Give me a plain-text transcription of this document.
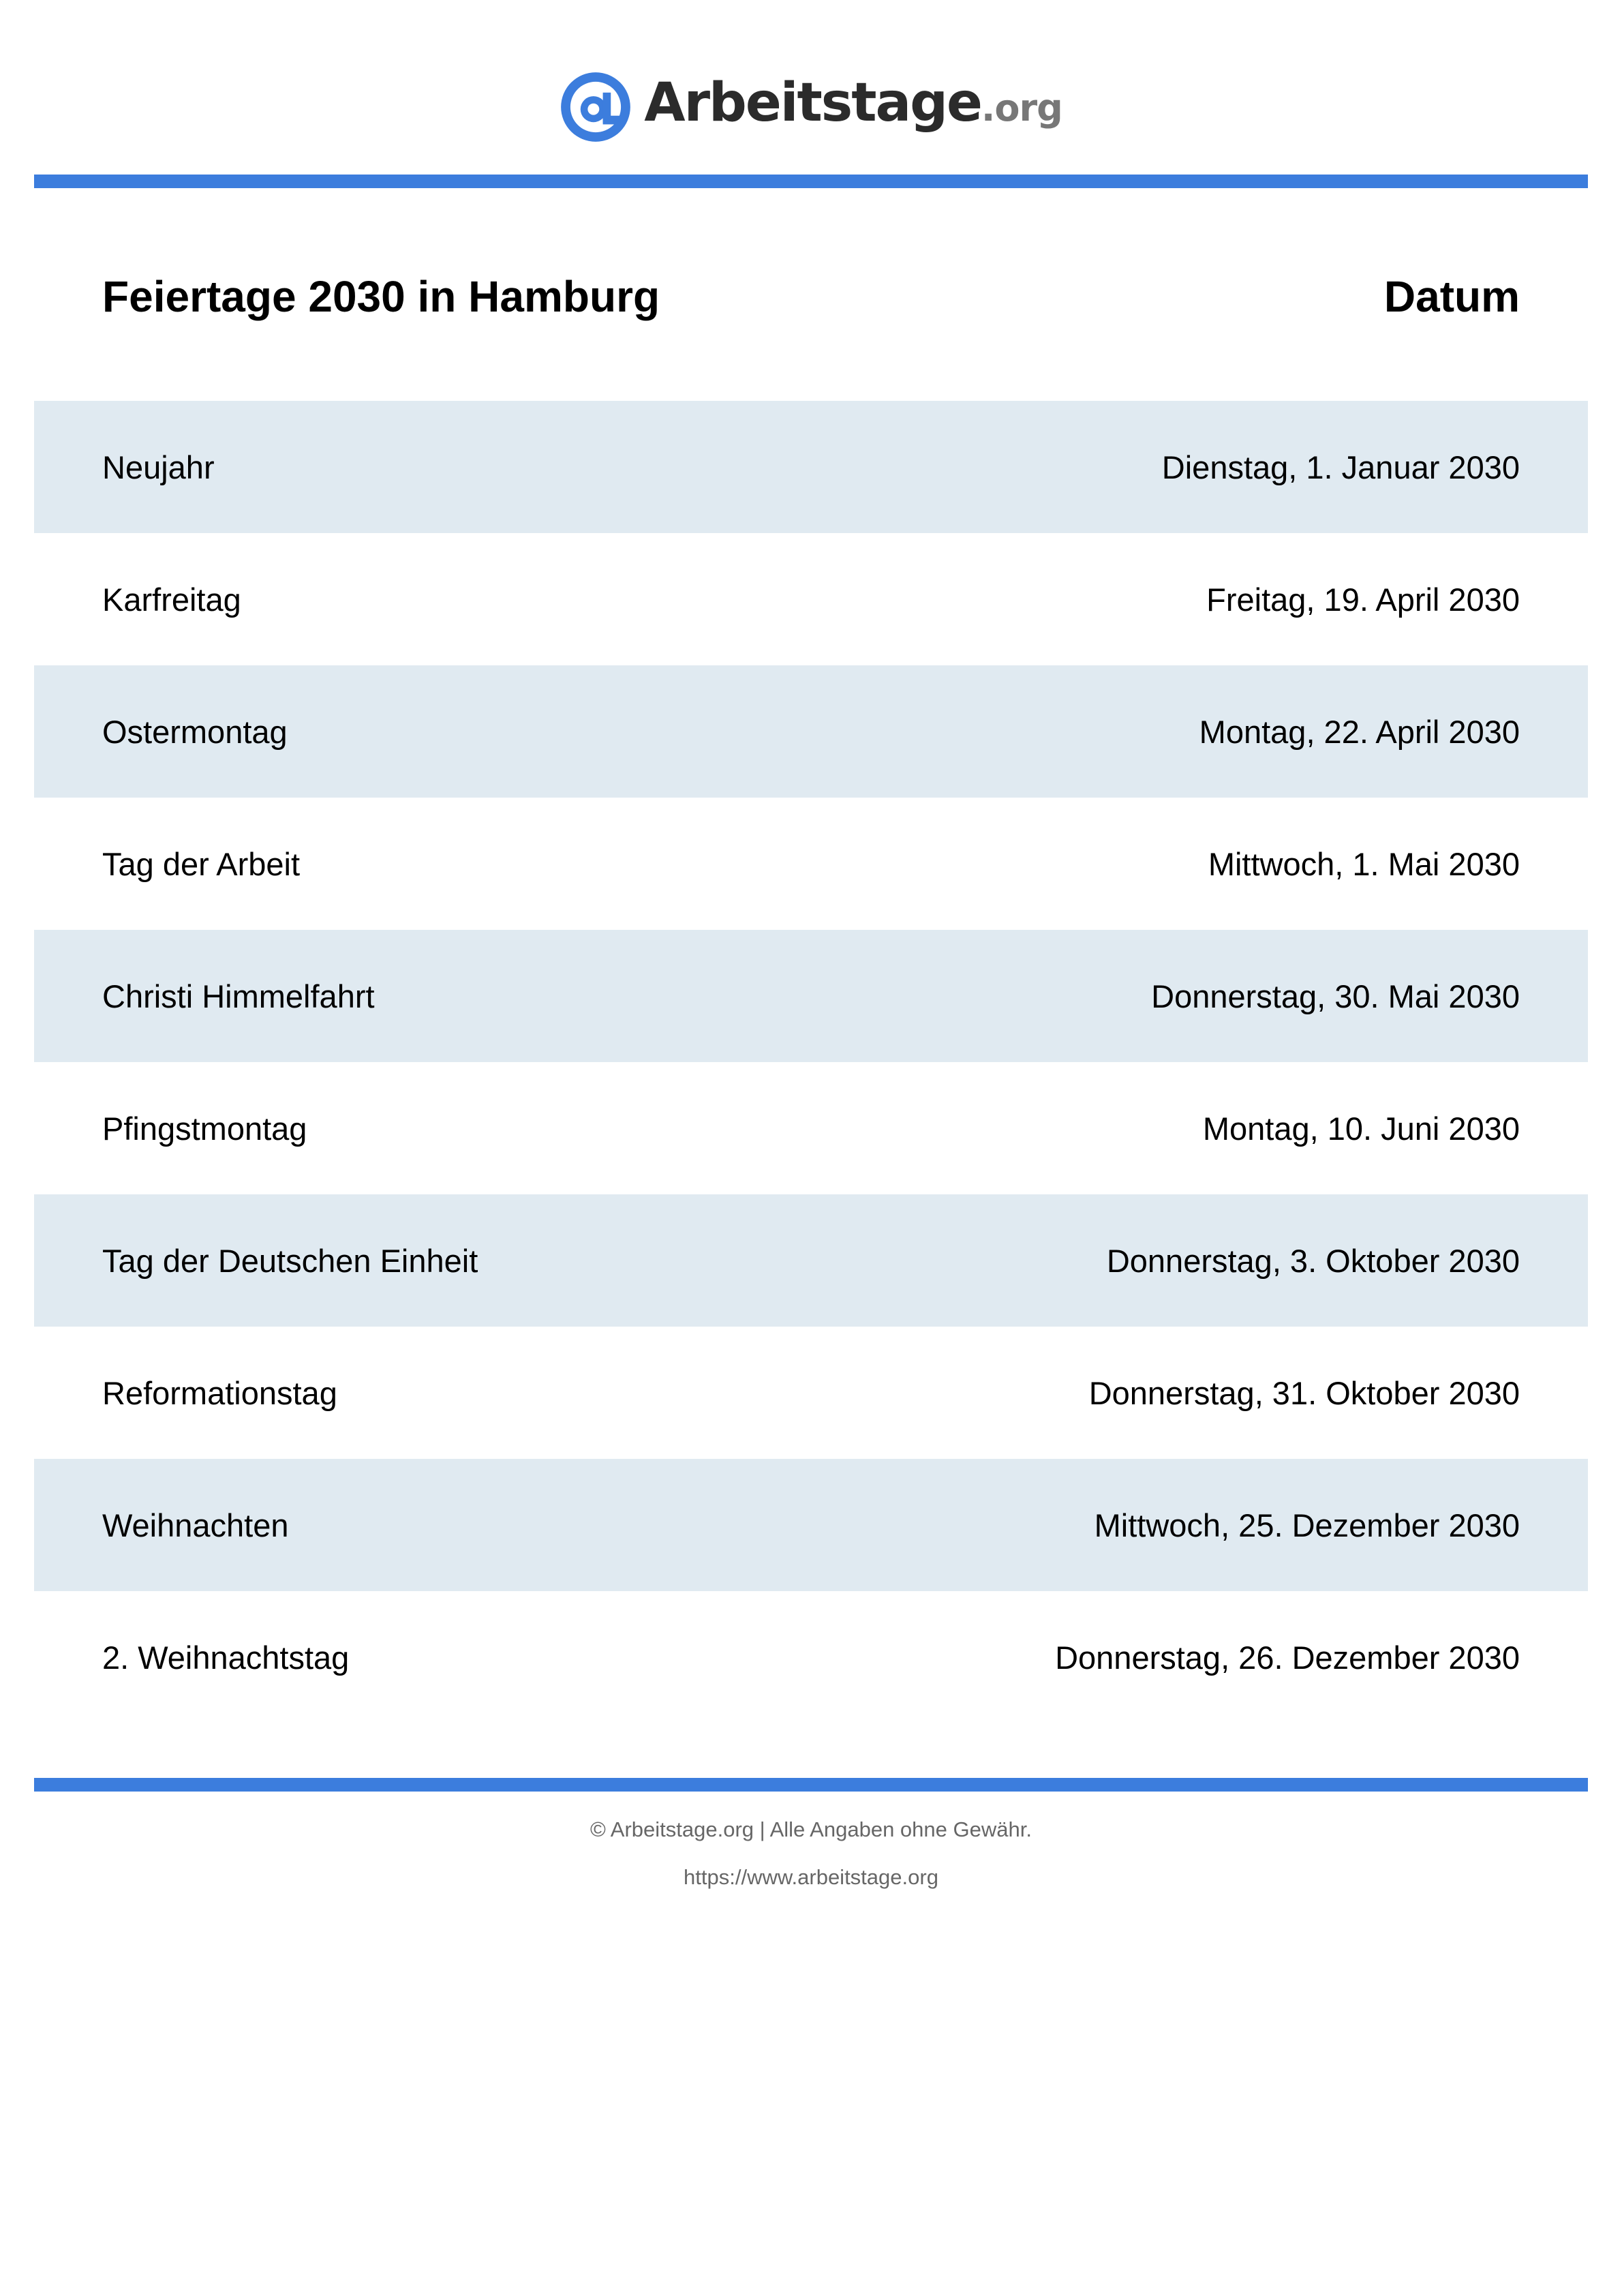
Arbeitstage .org
Feiertage 2030 in Hamburg	Datum
Neujahr	Dienstag, 1. Januar 2030
Karfreitag	Freitag, 19. April 2030
Ostermontag	Montag, 22. April 2030
Tag der Arbeit	Mittwoch, 1. Mai 2030
Christi Himmelfahrt	Donnerstag, 30. Mai 2030
Pfingstmontag	Montag, 10. Juni 2030
Tag der Deutschen Einheit	Donnerstag, 3. Oktober 2030
Reformationstag	Donnerstag, 31. Oktober 2030
Weihnachten	Mittwoch, 25. Dezember 2030
2. Weihnachtstag	Donnerstag, 26. Dezember 2030
© Arbeitstage.org | Alle Angaben ohne Gewähr.
https://www.arbeitstage.org
